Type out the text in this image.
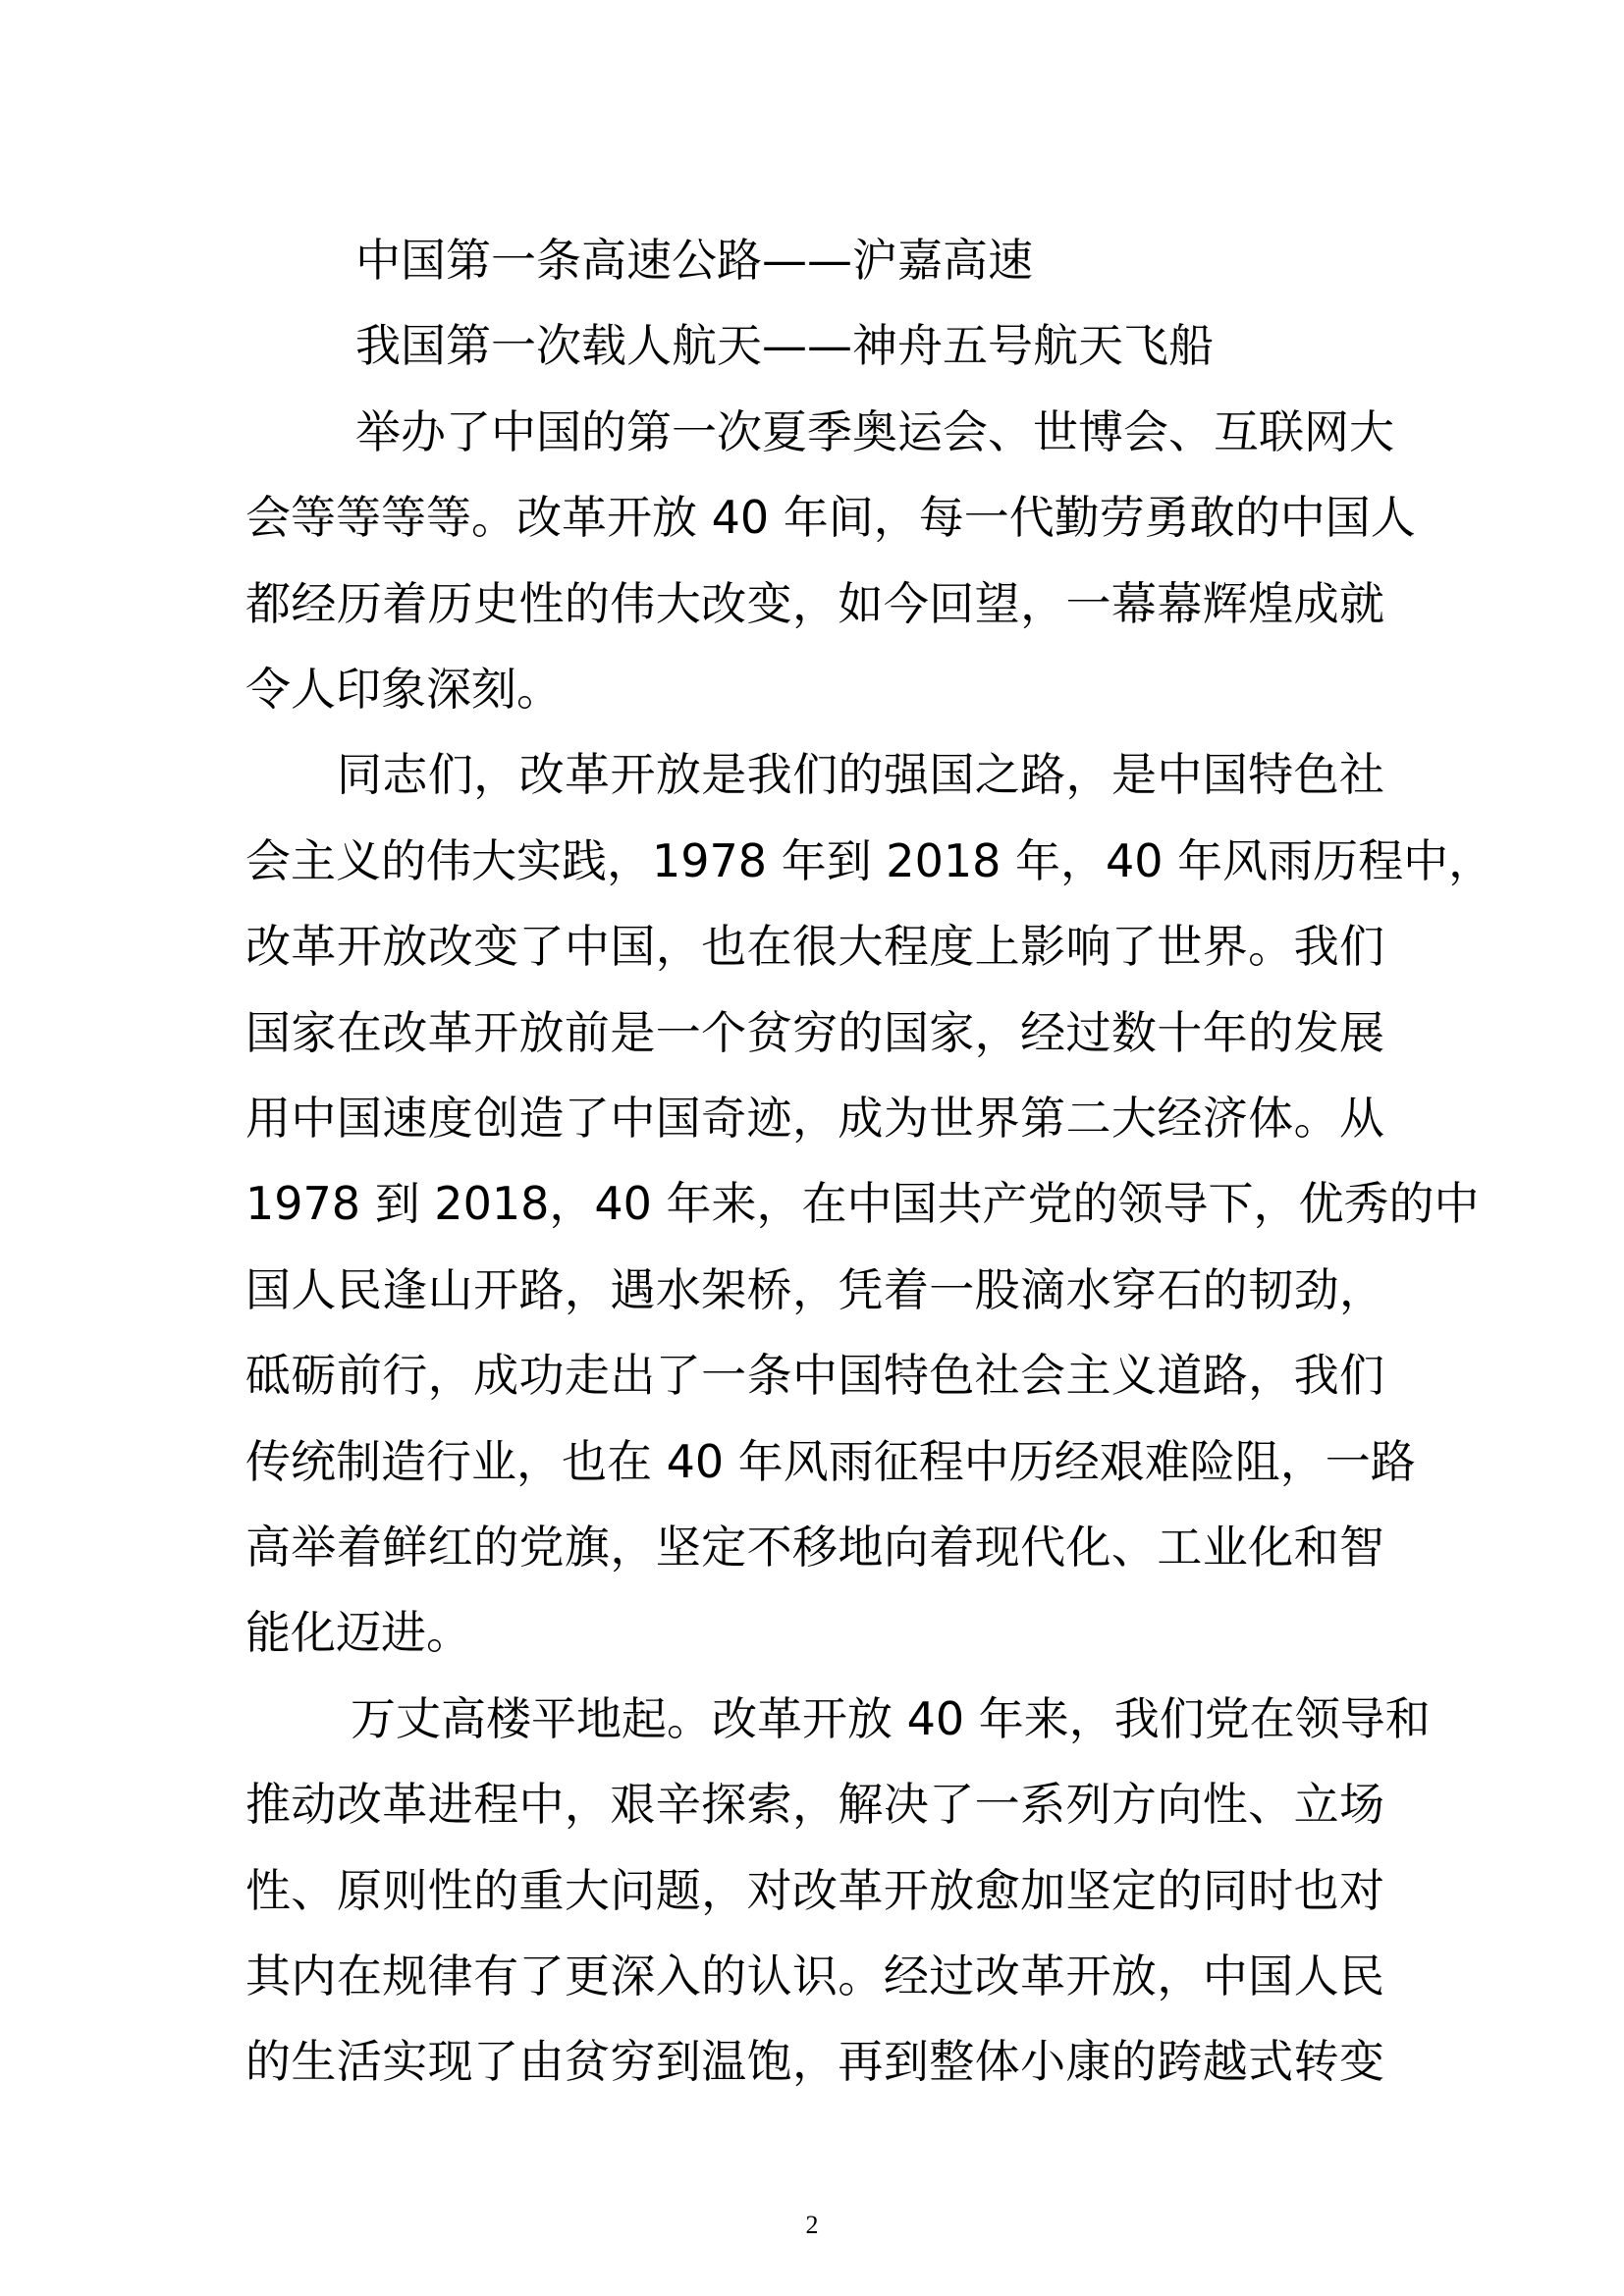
中国第一条高速公路——沪嘉高速
我国第一次载人航天——神舟五号航天飞船
举办了中国的第一次夏季奥运会、世博会、互联网大
会等等等等。改革开放 40 年间，每一代勤劳勇敢的中国人
都经历着历史性的伟大改变，如今回望，一幕幕辉煌成就
令人印象深刻。
同志们，改革开放是我们的强国之路，是中国特色社
会主义的伟大实践，1978 年到 2018 年，40 年风雨历程中，
改革开放改变了中国，也在很大程度上影响了世界。我们
国家在改革开放前是一个贫穷的国家，经过数十年的发展
用中国速度创造了中国奇迹，成为世界第二大经济体。从
1978 到 2018，40 年来，在中国共产党的领导下，优秀的中
国人民逢山开路，遇水架桥，凭着一股滴水穿石的韧劲，
砥砺前行，成功走出了一条中国特色社会主义道路，我们
传统制造行业，也在 40 年风雨征程中历经艰难险阻，一路
高举着鲜红的党旗，坚定不移地向着现代化、工业化和智
能化迈进。
万丈高楼平地起。改革开放 40 年来，我们党在领导和
推动改革进程中，艰辛探索，解决了一系列方向性、立场
性、原则性的重大问题，对改革开放愈加坚定的同时也对
其内在规律有了更深入的认识。经过改革开放，中国人民
的生活实现了由贫穷到温饱，再到整体小康的跨越式转变
2
